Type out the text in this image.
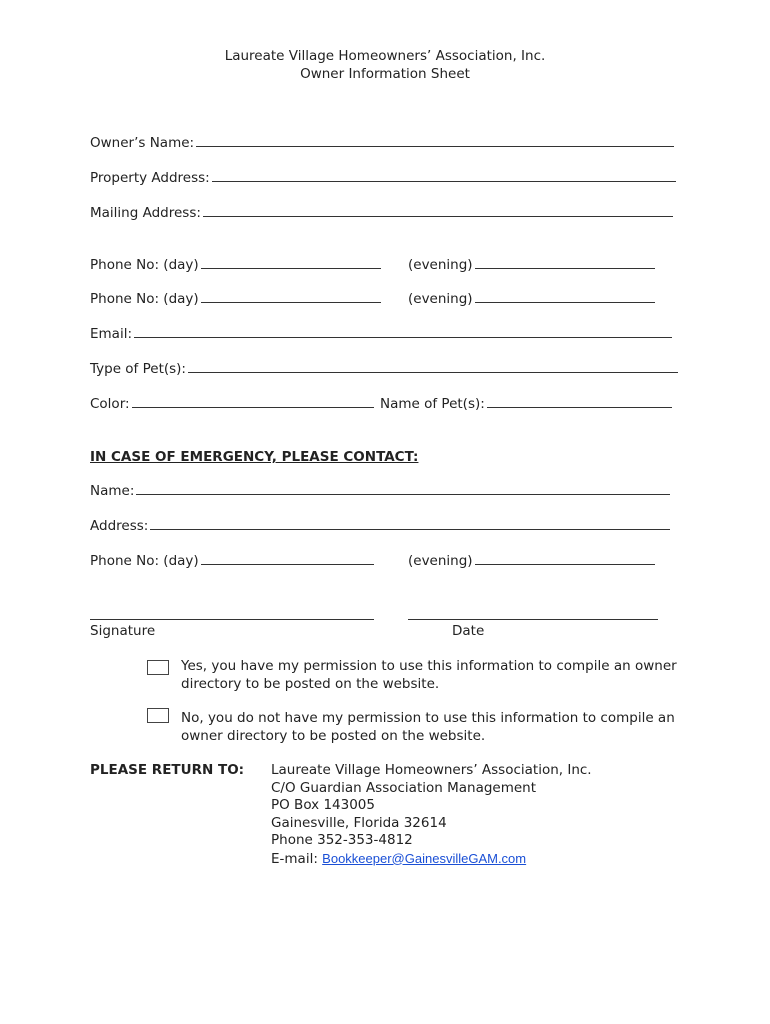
Laureate Village Homeowners’ Association, Inc.
Owner Information Sheet
Owner’s Name:
Property Address:
Mailing Address:
Phone No: (day)	(evening)
Phone No: (day)	(evening)
Email:
Type of Pet(s):
Color:	Name of Pet(s):
IN CASE OF EMERGENCY, PLEASE CONTACT:
Name:
Address:
Phone No: (day)	(evening)
Signature	Date
Yes, you have my permission to use this information to compile an owner directory to be posted on the website.
No, you do not have my permission to use this information to compile an owner directory to be posted on the website.
PLEASE RETURN TO: Laureate Village Homeowners’ Association, Inc.
C/O Guardian Association Management
PO Box 143005
Gainesville, Florida 32614
Phone 352-353-4812
E-mail: Bookkeeper@GainesvilleGAM.com
